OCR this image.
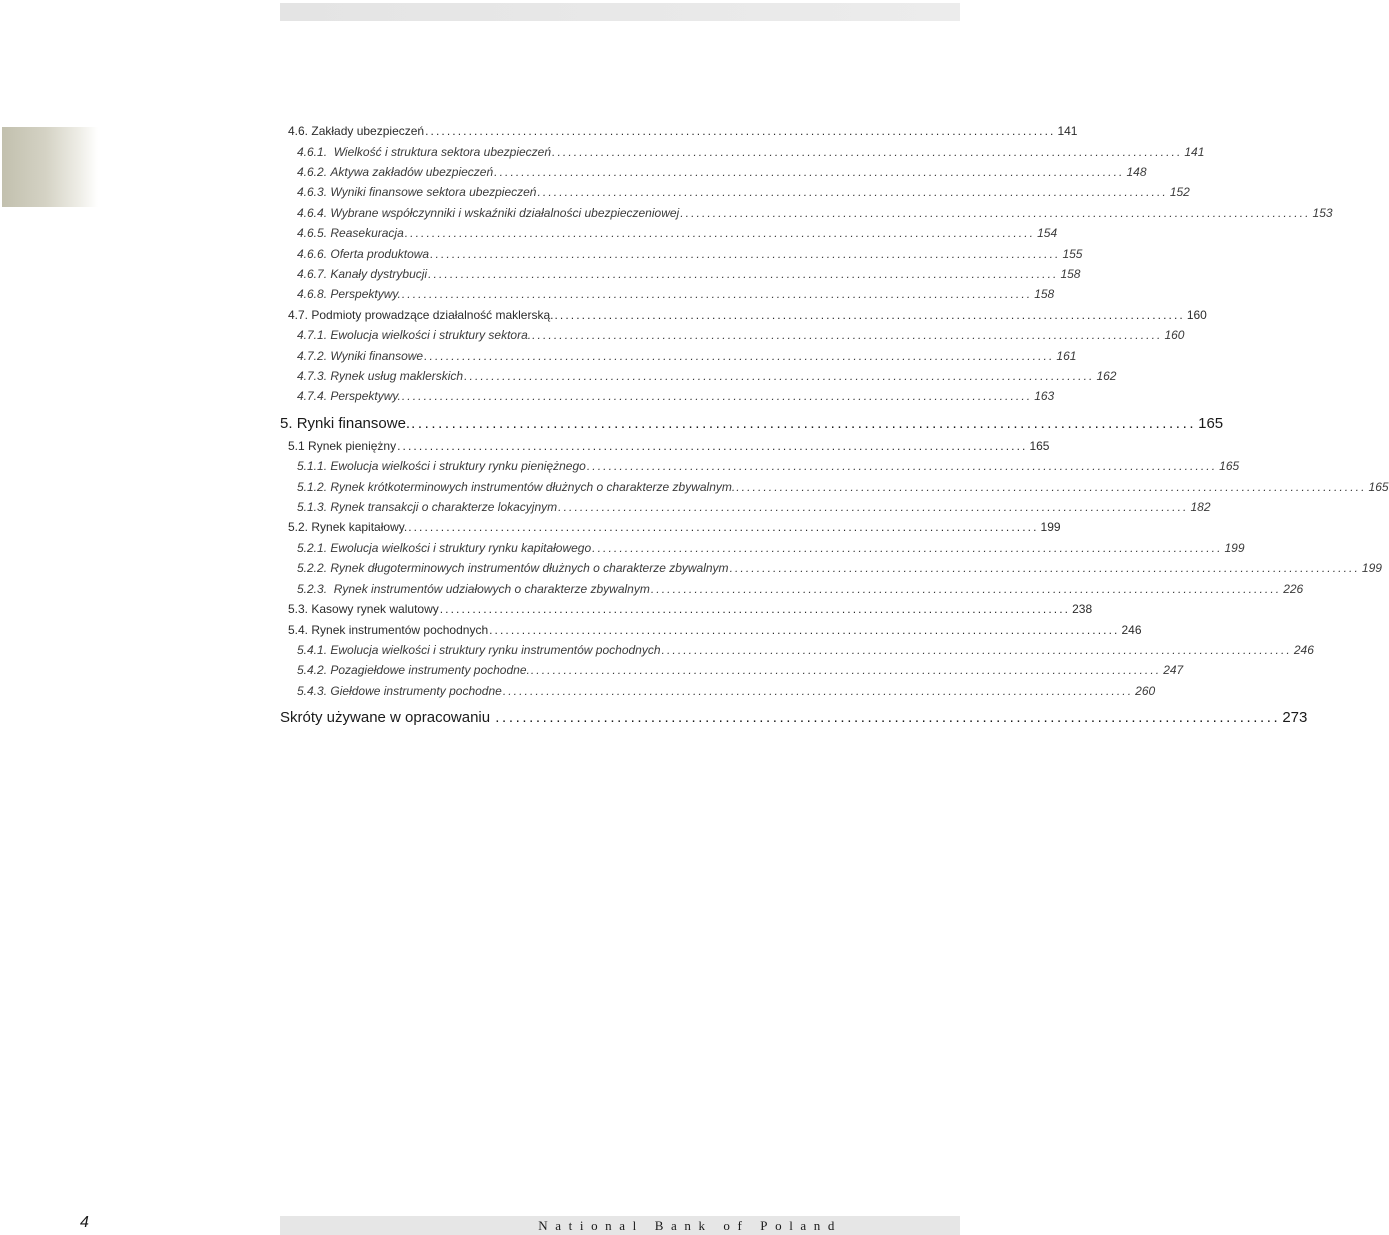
4.6. Zakłady ubezpieczeń .................................................................................................................... 141
4.6.1. Wielkość i struktura sektora ubezpieczeń .................................................................................................................... 141
4.6.2. Aktywa zakładów ubezpieczeń .................................................................................................................... 148
4.6.3. Wyniki finansowe sektora ubezpieczeń .................................................................................................................... 152
4.6.4. Wybrane współczynniki i wskaźniki działalności ubezpieczeniowej .................................................................................................................... 153
4.6.5. Reasekuracja .................................................................................................................... 154
4.6.6. Oferta produktowa .................................................................................................................... 155
4.6.7. Kanały dystrybucji .................................................................................................................... 158
4.6.8. Perspektywy. .................................................................................................................... 158
4.7. Podmioty prowadzące działalność maklerską. .................................................................................................................... 160
4.7.1. Ewolucja wielkości i struktury sektora. .................................................................................................................... 160
4.7.2. Wyniki finansowe .................................................................................................................... 161
4.7.3. Rynek usług maklerskich .................................................................................................................... 162
4.7.4. Perspektywy. .................................................................................................................... 163
5. Rynki finansowe. .................................................................................................................... 165
5.1 Rynek pieniężny .................................................................................................................... 165
5.1.1. Ewolucja wielkości i struktury rynku pieniężnego .................................................................................................................... 165
5.1.2. Rynek krótkoterminowych instrumentów dłużnych o charakterze zbywalnym. .................................................................................................................... 165
5.1.3. Rynek transakcji o charakterze lokacyjnym .................................................................................................................... 182
5.2. Rynek kapitałowy. .................................................................................................................... 199
5.2.1. Ewolucja wielkości i struktury rynku kapitałowego .................................................................................................................... 199
5.2.2. Rynek długoterminowych instrumentów dłużnych o charakterze zbywalnym .................................................................................................................... 199
5.2.3.  Rynek instrumentów udziałowych o charakterze zbywalnym .................................................................................................................... 226
5.3. Kasowy rynek walutowy .................................................................................................................... 238
5.4. Rynek instrumentów pochodnych .................................................................................................................... 246
5.4.1. Ewolucja wielkości i struktury rynku instrumentów pochodnych .................................................................................................................... 246
5.4.2. Pozagiełdowe instrumenty pochodne. .................................................................................................................... 247
5.4.3. Giełdowe instrumenty pochodne .................................................................................................................... 260
Skróty używane w opracowaniu .................................................................................................................... 273
4	National Bank of Poland
